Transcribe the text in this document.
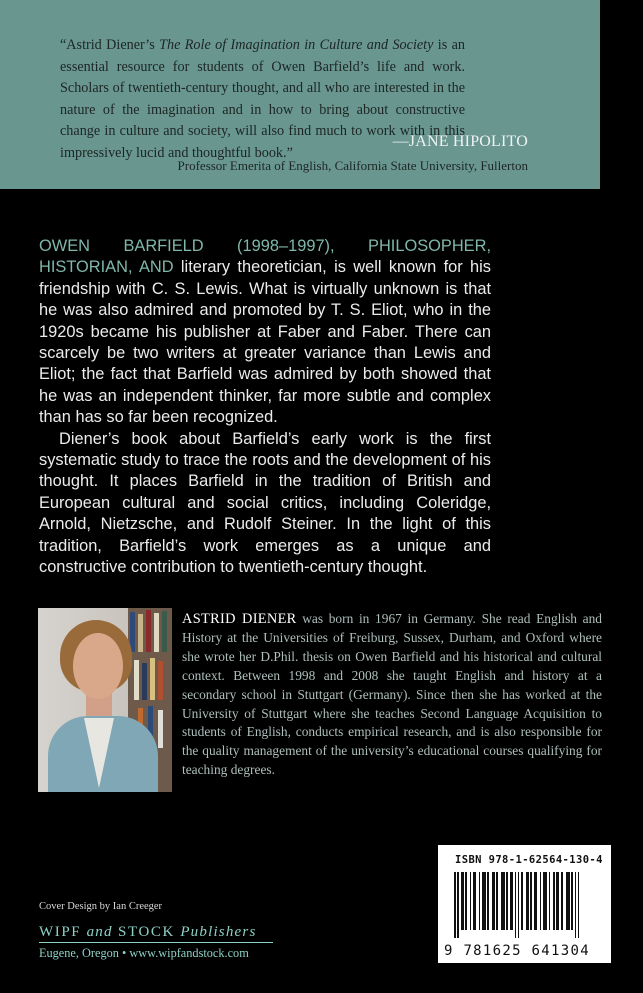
“Astrid Diener’s The Role of Imagination in Culture and Society is an essential resource for students of Owen Barfield’s life and work. Scholars of twentieth-century thought, and all who are interested in the nature of the imagination and in how to bring about constructive change in culture and society, will also find much to work with in this impressively lucid and thoughtful book.”

—JANE HIPOLITO
Professor Emerita of English, California State University, Fullerton

OWEN BARFIELD (1998–1997), PHILOSOPHER, HISTORIAN, AND literary theoretician, is well known for his friendship with C. S. Lewis. What is virtually unknown is that he was also admired and promoted by T. S. Eliot, who in the 1920s became his publisher at Faber and Faber. There can scarcely be two writers at greater variance than Lewis and Eliot; the fact that Barfield was admired by both showed that he was an independent thinker, far more subtle and complex than has so far been recognized.

Diener’s book about Barfield’s early work is the first systematic study to trace the roots and the development of his thought. It places Barfield in the tradition of British and European cultural and social critics, including Coleridge, Arnold, Nietzsche, and Rudolf Steiner. In the light of this tradition, Barfield’s work emerges as a unique and constructive contribution to twentieth-century thought.

ASTRID DIENER was born in 1967 in Germany. She read English and History at the Universities of Freiburg, Sussex, Durham, and Oxford where she wrote her D.Phil. thesis on Owen Barfield and his historical and cultural context. Between 1998 and 2008 she taught English and history at a secondary school in Stuttgart (Germany). Since then she has worked at the University of Stuttgart where she teaches Second Language Acquisition to students of English, conducts empirical research, and is also responsible for the quality management of the university’s educational courses qualifying for teaching degrees.
Cover Design by Ian Creeger
WIPF and STOCK Publishers
Eugene, Oregon • www.wipfandstock.com
ISBN 978-1-62564-130-4
9 781625 641304
